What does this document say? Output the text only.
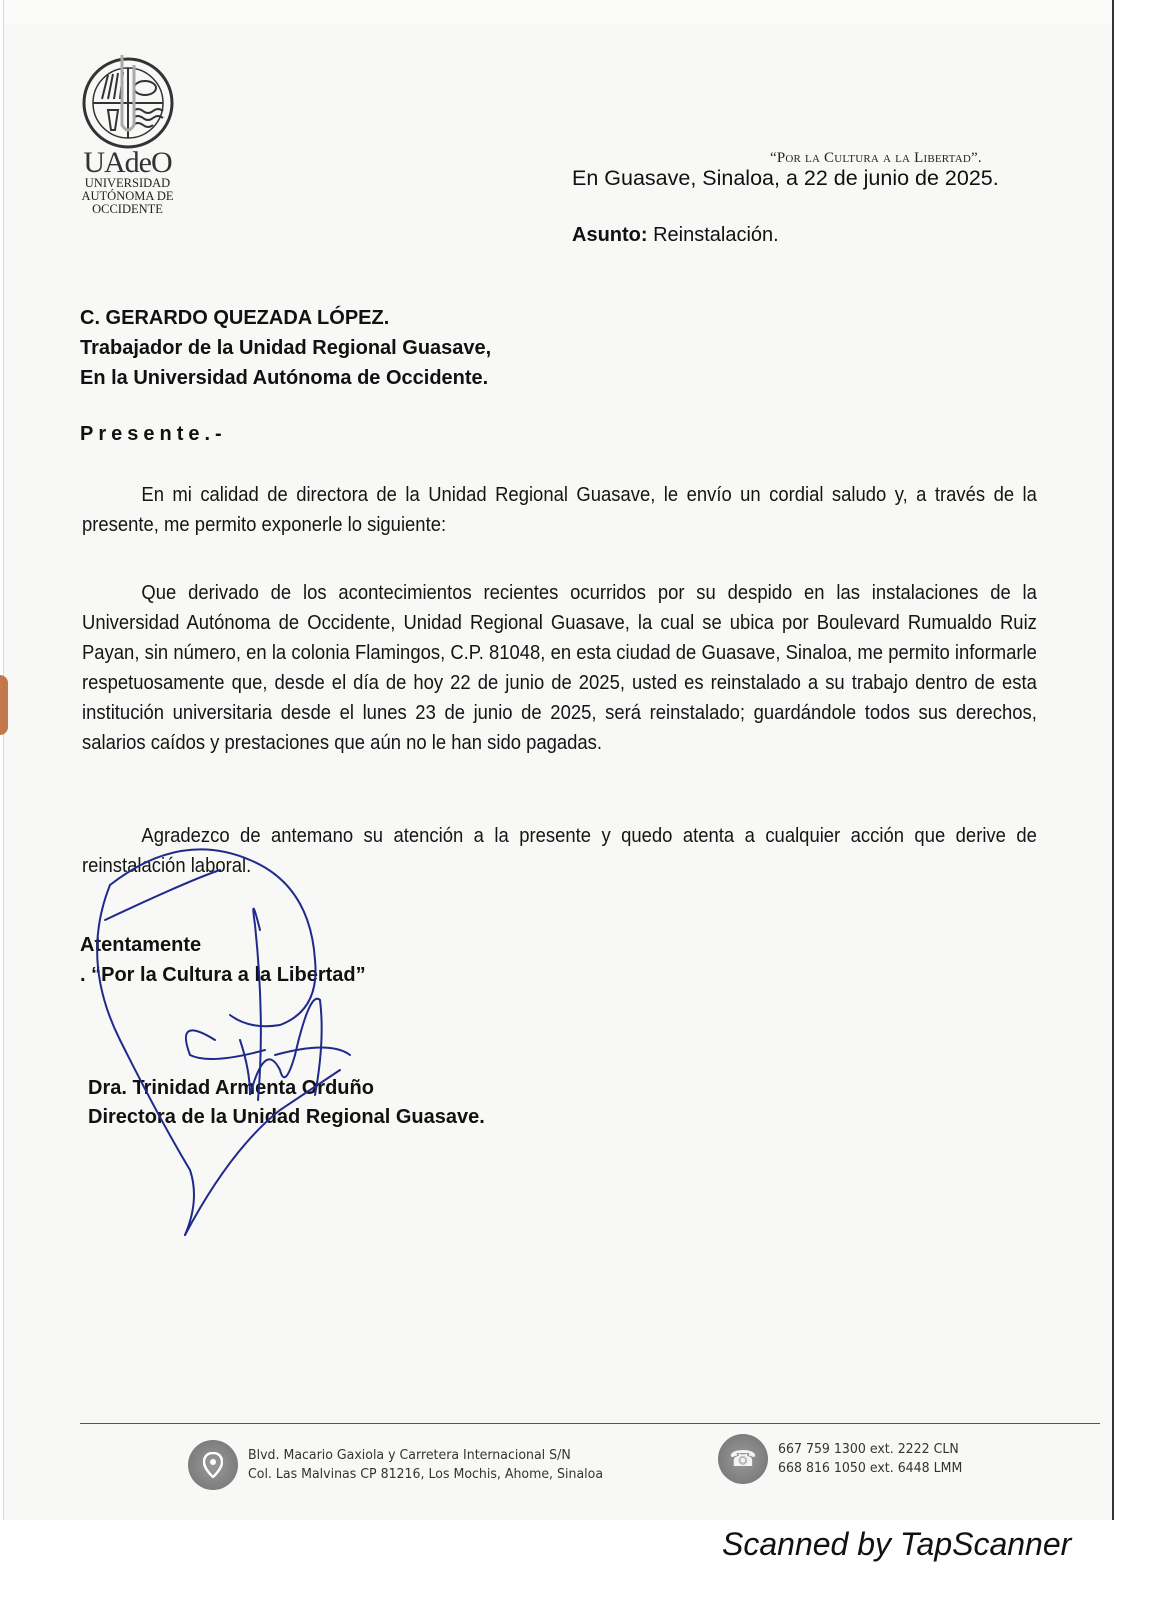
UAdeO
UNIVERSIDAD
AUTÓNOMA DE
OCCIDENTE
“Por la Cultura a la Libertad”.
En Guasave, Sinaloa, a 22 de junio de 2025.
Asunto: Reinstalación.
C. GERARDO QUEZADA LÓPEZ.
Trabajador de la Unidad Regional Guasave,
En la Universidad Autónoma de Occidente.
Presente.-
En mi calidad de directora de la Unidad Regional Guasave, le envío un cordial saludo y, a través de la presente, me permito exponerle lo siguiente:
Que derivado de los acontecimientos recientes ocurridos por su despido en las instalaciones de la Universidad Autónoma de Occidente, Unidad Regional Guasave, la cual se ubica por Boulevard Rumualdo Ruiz Payan, sin número, en la colonia Flamingos, C.P. 81048, en esta ciudad de Guasave, Sinaloa, me permito informarle respetuosamente que, desde el día de hoy 22 de junio de 2025, usted es reinstalado a su trabajo dentro de esta institución universitaria desde el lunes 23 de junio de 2025, será reinstalado; guardándole todos sus derechos, salarios caídos y prestaciones que aún no le han sido pagadas.
Agradezco de antemano su atención a la presente y quedo atenta a cualquier acción que derive de reinstalación laboral.
Atentamente
. “Por la Cultura a la Libertad”
Dra. Trinidad Armenta Orduño
Directora de la Unidad Regional Guasave.
Blvd. Macario Gaxiola y Carretera Internacional S/N
Col. Las Malvinas CP 81216, Los Mochis, Ahome, Sinaloa
☎	667 759 1300 ext. 2222 CLN
668 816 1050 ext. 6448 LMM
Scanned by TapScanner
